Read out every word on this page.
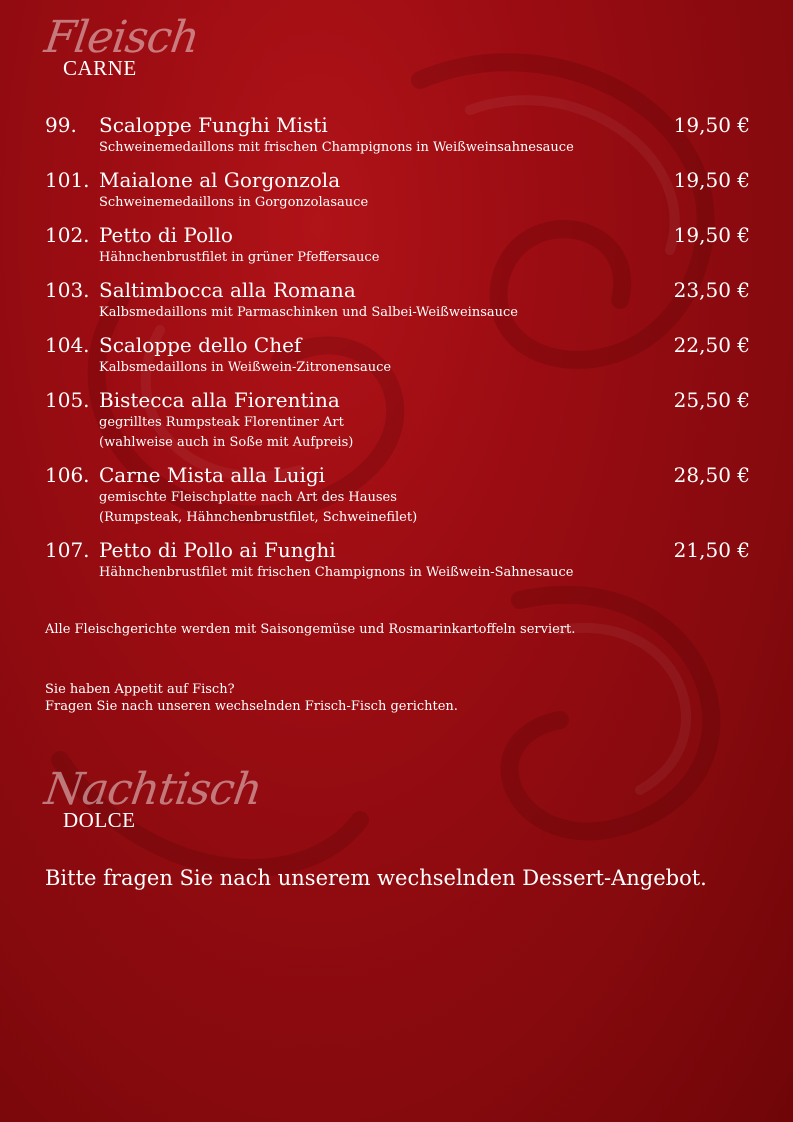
Fleisch
CARNE
99. Scaloppe Funghi Misti
Schweinemedaillons mit frischen Champignons in Weißweinsahnesauce
19,50 €
101. Maialone al Gorgonzola
Schweinemedaillons in Gorgonzolasauce
19,50 €
102. Petto di Pollo
Hähnchenbrustfilet in grüner Pfeffersauce
19,50 €
103. Saltimbocca alla Romana
Kalbsmedaillons mit Parmaschinken und Salbei-Weißweinsauce
23,50 €
104. Scaloppe dello Chef
Kalbsmedaillons in Weißwein-Zitronensauce
22,50 €
105. Bistecca alla Fiorentina
gegrilltes Rumpsteak Florentiner Art
(wahlweise auch in Soße mit Aufpreis)
25,50 €
106. Carne Mista alla Luigi
gemischte Fleischplatte nach Art des Hauses
(Rumpsteak, Hähnchenbrustfilet, Schweinefilet)
28,50 €
107. Petto di Pollo ai Funghi
Hähnchenbrustfilet mit frischen Champignons in Weißwein-Sahnesauce
21,50 €
Alle Fleischgerichte werden mit Saisongemüse und Rosmarinkartoffeln serviert.
Sie haben Appetit auf Fisch?
Fragen Sie nach unseren wechselnden Frisch-Fisch gerichten.
Nachtisch
DOLCE
Bitte fragen Sie nach unserem wechselnden Dessert-Angebot.
